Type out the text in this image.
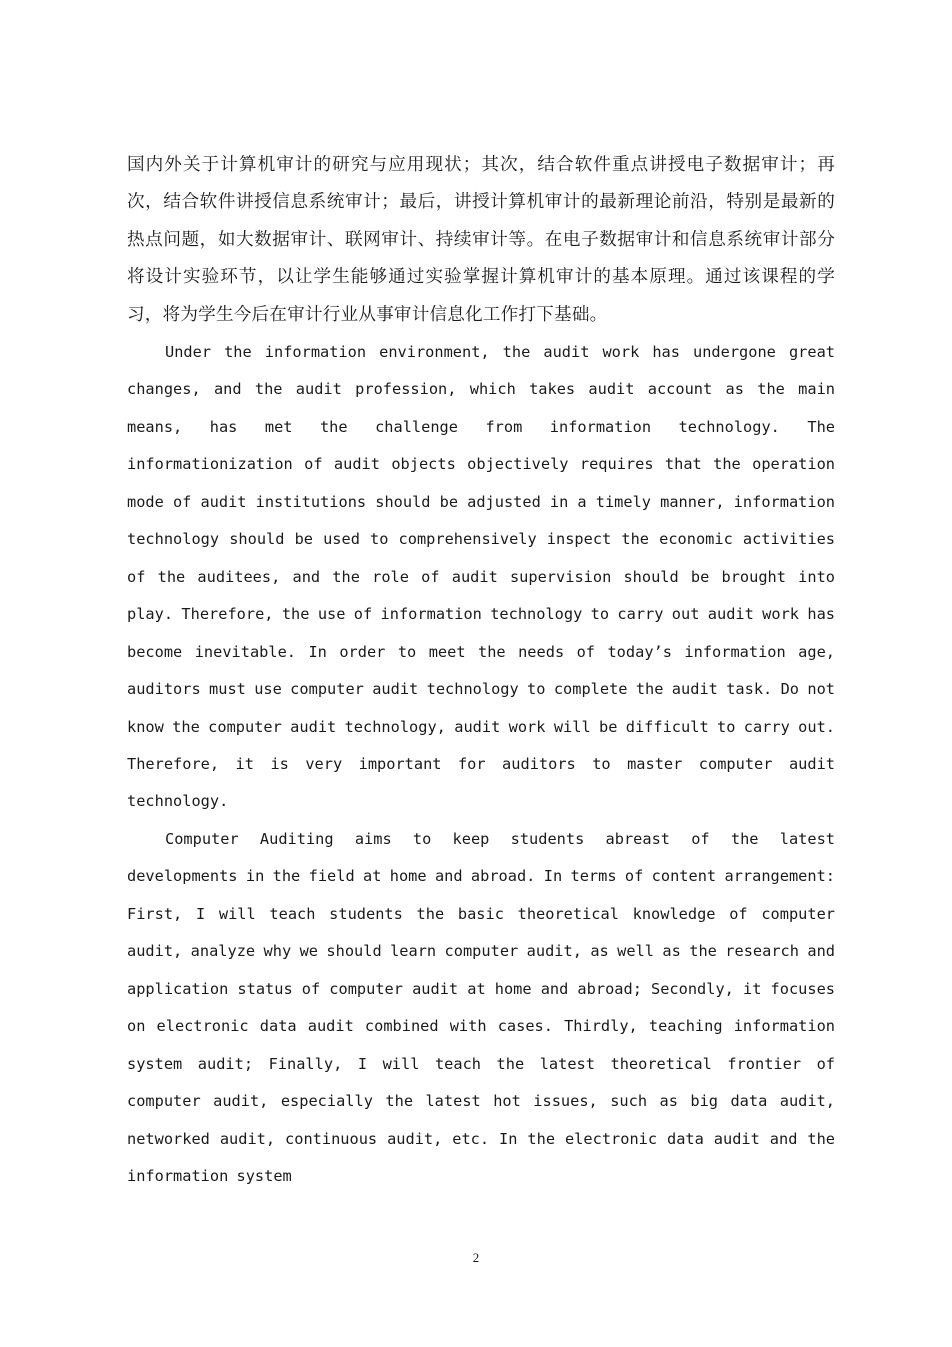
国内外关于计算机审计的研究与应用现状；其次，结合软件重点讲授电子数据审计；再次，结合软件讲授信息系统审计；最后，讲授计算机审计的最新理论前沿，特别是最新的热点问题，如大数据审计、联网审计、持续审计等。在电子数据审计和信息系统审计部分将设计实验环节，以让学生能够通过实验掌握计算机审计的基本原理。通过该课程的学习，将为学生今后在审计行业从事审计信息化工作打下基础。

Under the information environment, the audit work has undergone great changes, and the audit profession, which takes audit account as the main means, has met the challenge from information technology. The informationization of audit objects objectively requires that the operation mode of audit institutions should be adjusted in a timely manner, information technology should be used to comprehensively inspect the economic activities of the auditees, and the role of audit supervision should be brought into play. Therefore, the use of information technology to carry out audit work has become inevitable. In order to meet the needs of today’s information age, auditors must use computer audit technology to complete the audit task. Do not know the computer audit technology, audit work will be difficult to carry out. Therefore, it is very important for auditors to master computer audit technology.

Computer Auditing aims to keep students abreast of the latest developments in the field at home and abroad. In terms of content arrangement: First, I will teach students the basic theoretical knowledge of computer audit, analyze why we should learn computer audit, as well as the research and application status of computer audit at home and abroad; Secondly, it focuses on electronic data audit combined with cases. Thirdly, teaching information system audit; Finally, I will teach the latest theoretical frontier of computer audit, especially the latest hot issues, such as big data audit, networked audit, continuous audit, etc. In the electronic data audit and the information system

2
